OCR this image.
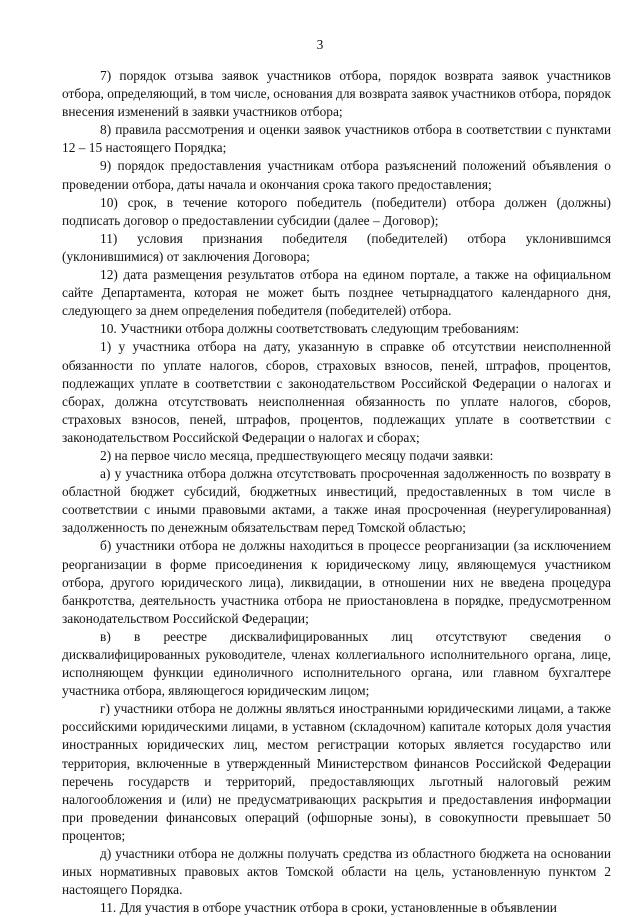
3

7) порядок отзыва заявок участников отбора, порядок возврата заявок участников отбора, определяющий, в том числе, основания для возврата заявок участников отбора, порядок внесения изменений в заявки участников отбора;

8) правила рассмотрения и оценки заявок участников отбора в соответствии с пунктами 12 – 15 настоящего Порядка;

9) порядок предоставления участникам отбора разъяснений положений объявления о проведении отбора, даты начала и окончания срока такого предоставления;

10) срок, в течение которого победитель (победители) отбора должен (должны) подписать договор о предоставлении субсидии (далее – Договор);

11) условия признания победителя (победителей) отбора уклонившимся (уклонившимися) от заключения Договора;

12) дата размещения результатов отбора на едином портале, а также на официальном сайте Департамента, которая не может быть позднее четырнадцатого календарного дня, следующего за днем определения победителя (победителей) отбора.

10. Участники отбора должны соответствовать следующим требованиям:

1) у участника отбора на дату, указанную в справке об отсутствии неисполненной обязанности по уплате налогов, сборов, страховых взносов, пеней, штрафов, процентов, подлежащих уплате в соответствии с законодательством Российской Федерации о налогах и сборах, должна отсутствовать неисполненная обязанность по уплате налогов, сборов, страховых взносов, пеней, штрафов, процентов, подлежащих уплате в соответствии с законодательством Российской Федерации о налогах и сборах;

2) на первое число месяца, предшествующего месяцу подачи заявки:

а) у участника отбора должна отсутствовать просроченная задолженность по возврату в областной бюджет субсидий, бюджетных инвестиций, предоставленных в том числе в соответствии с иными правовыми актами, а также иная просроченная (неурегулированная) задолженность по денежным обязательствам перед Томской областью;

б) участники отбора не должны находиться в процессе реорганизации (за исключением реорганизации в форме присоединения к юридическому лицу, являющемуся участником отбора, другого юридического лица), ликвидации, в отношении них не введена процедура банкротства, деятельность участника отбора не приостановлена в порядке, предусмотренном законодательством Российской Федерации;

в) в реестре дисквалифицированных лиц отсутствуют сведения о дисквалифицированных руководителе, членах коллегиального исполнительного органа, лице, исполняющем функции единоличного исполнительного органа, или главном бухгалтере участника отбора, являющегося юридическим лицом;

г) участники отбора не должны являться иностранными юридическими лицами, а также российскими юридическими лицами, в уставном (складочном) капитале которых доля участия иностранных юридических лиц, местом регистрации которых является государство или территория, включенные в утвержденный Министерством финансов Российской Федерации перечень государств и территорий, предоставляющих льготный налоговый режим налогообложения и (или) не предусматривающих раскрытия и предоставления информации при проведении финансовых операций (офшорные зоны), в совокупности превышает 50 процентов;

д) участники отбора не должны получать средства из областного бюджета на основании иных нормативных правовых актов Томской области на цель, установленную пунктом 2 настоящего Порядка.

11. Для участия в отборе участник отбора в сроки, установленные в объявлении
